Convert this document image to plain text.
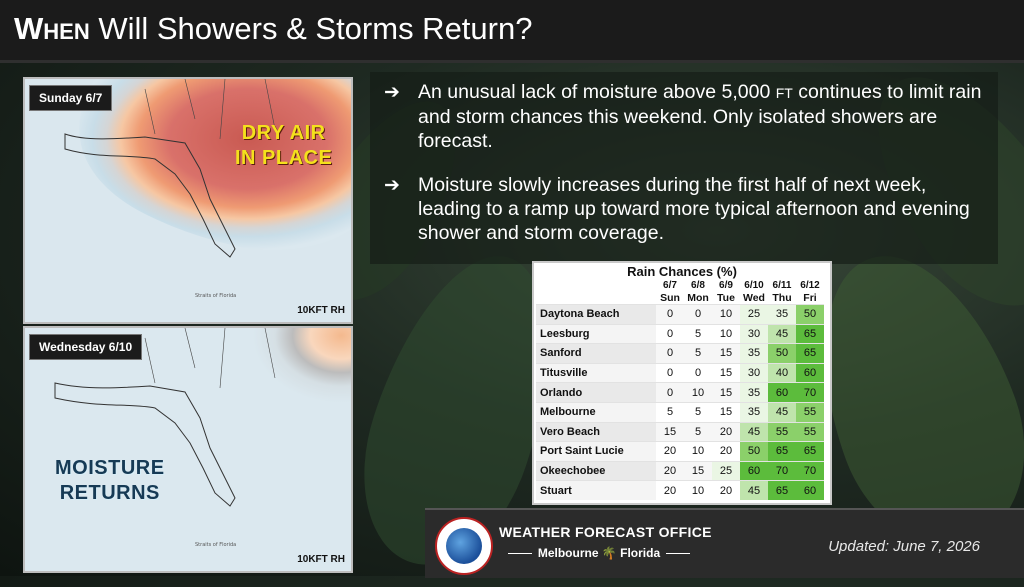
When Will Showers & Storms Return?
Straits of Florida
Sunday 6/7
DRY AIR
IN PLACE
10KFT RH
Straits of Florida
Wednesday 6/10
MOISTURE
RETURNS
10KFT RH
➔ An unusual lack of moisture above 5,000 FT continues to limit rain and storm chances this weekend. Only isolated showers are forecast.
➔ Moisture slowly increases during the first half of next week, leading to a ramp up toward more typical afternoon and evening shower and storm coverage.
Rain Chances (%)
	6/7	6/8	6/9	6/10	6/11	6/12
	Sun	Mon	Tue	Wed	Thu	Fri
Daytona Beach	0	0	10	25	35	50
Leesburg	0	5	10	30	45	65
Sanford	0	5	15	35	50	65
Titusville	0	0	15	30	40	60
Orlando	0	10	15	35	60	70
Melbourne	5	5	15	35	45	55
Vero Beach	15	5	20	45	55	55
Port Saint Lucie	20	10	20	50	65	65
Okeechobee	20	15	25	60	70	70
Stuart	20	10	20	45	65	60
WEATHER FORECAST OFFICE
Melbourne 🌴 Florida	Updated: June 7, 2026
